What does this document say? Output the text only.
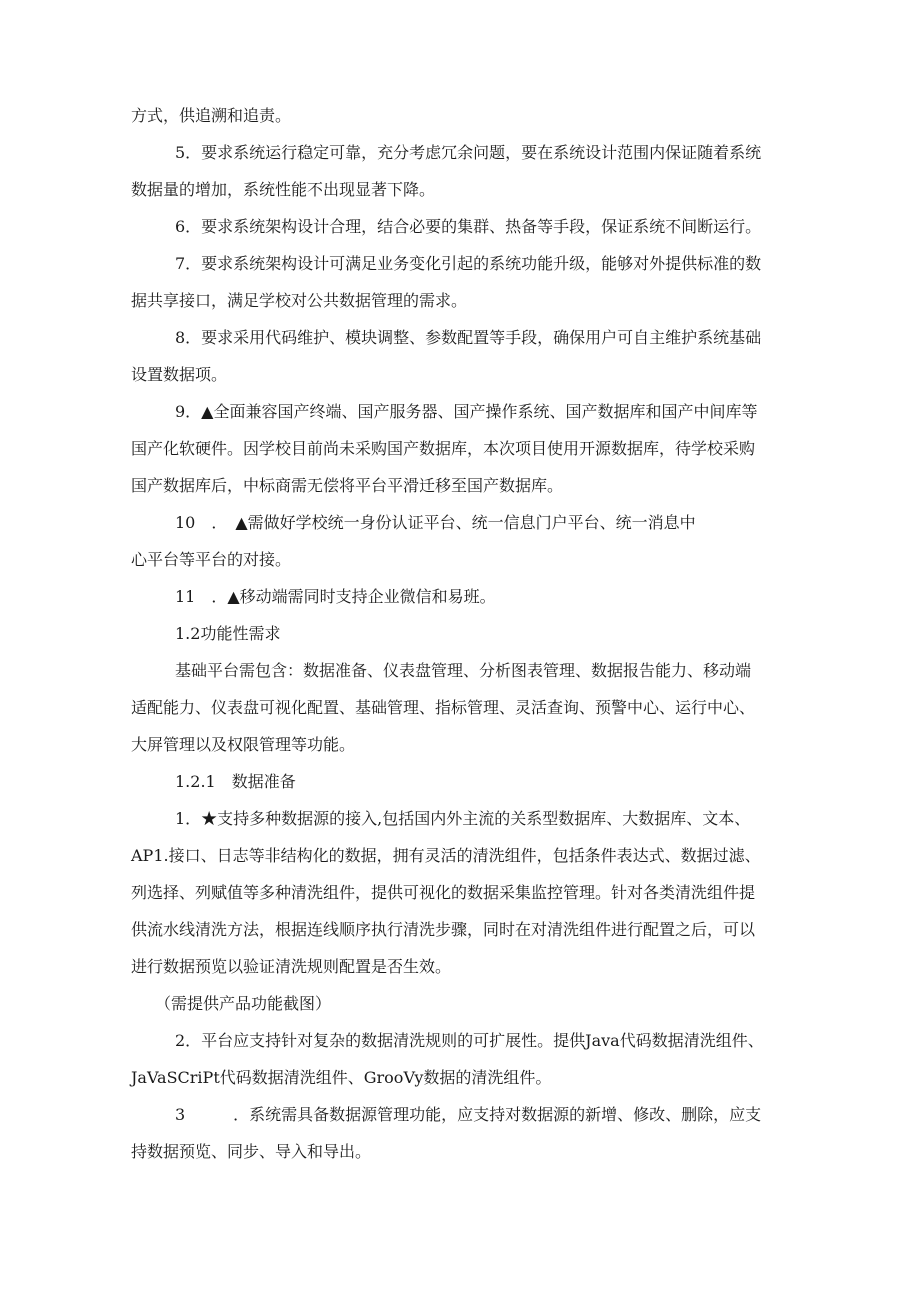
方式，供追溯和追责。

5．要求系统运行稳定可靠，充分考虑冗余问题，要在系统设计范围内保证随着系统

数据量的增加，系统性能不出现显著下降。

6．要求系统架构设计合理，结合必要的集群、热备等手段，保证系统不间断运行。

7．要求系统架构设计可满足业务变化引起的系统功能升级，能够对外提供标准的数

据共享接口，满足学校对公共数据管理的需求。

8．要求采用代码维护、模块调整、参数配置等手段，确保用户可自主维护系统基础

设置数据项。

9．▲全面兼容国产终端、国产服务器、国产操作系统、国产数据库和国产中间库等

国产化软硬件。因学校目前尚未采购国产数据库，本次项目使用开源数据库，待学校采购

国产数据库后，中标商需无偿将平台平滑迁移至国产数据库。

10　．　▲需做好学校统一身份认证平台、统一信息门户平台、统一消息中

心平台等平台的对接。

11　．▲移动端需同时支持企业微信和易班。

1.2功能性需求

基础平台需包含：数据准备、仪表盘管理、分析图表管理、数据报告能力、移动端

适配能力、仪表盘可视化配置、基础管理、指标管理、灵活查询、预警中心、运行中心、

大屏管理以及权限管理等功能。

1.2.1　数据准备

1．★支持多种数据源的接入,包括国内外主流的关系型数据库、大数据库、文本、

AP1.接口、日志等非结构化的数据，拥有灵活的清洗组件，包括条件表达式、数据过滤、

列选择、列赋值等多种清洗组件，提供可视化的数据采集监控管理。针对各类清洗组件提

供流水线清洗方法，根据连线顺序执行清洗步骤，同时在对清洗组件进行配置之后，可以

进行数据预览以验证清洗规则配置是否生效。

（需提供产品功能截图）

2．平台应支持针对复杂的数据清洗规则的可扩展性。提供Java代码数据清洗组件、

JaVaSCriPt代码数据清洗组件、GrooVy数据的清洗组件。

3　　　．系统需具备数据源管理功能，应支持对数据源的新增、修改、删除，应支

持数据预览、同步、导入和导出。
